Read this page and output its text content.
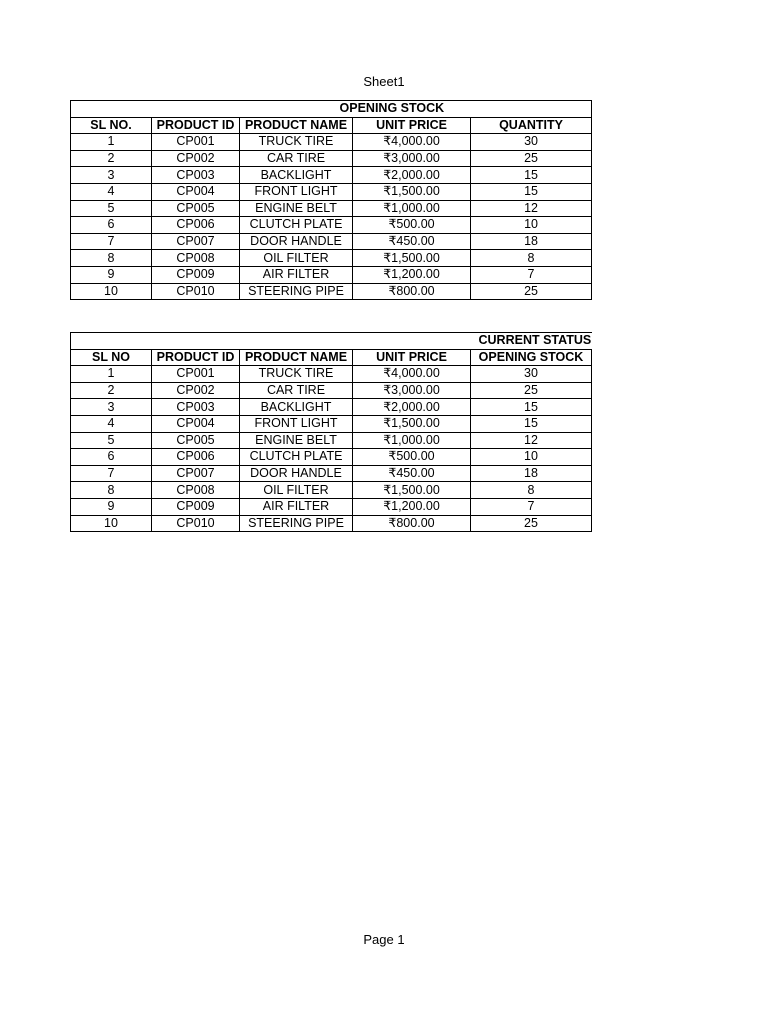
Sheet1
			OPENING STOCK	
SL NO.	PRODUCT ID	PRODUCT NAME	UNIT PRICE	QUANTITY
1	CP001	TRUCK TIRE	₹4,000.00	30
2	CP002	CAR TIRE	₹3,000.00	25
3	CP003	BACKLIGHT	₹2,000.00	15
4	CP004	FRONT LIGHT	₹1,500.00	15
5	CP005	ENGINE BELT	₹1,000.00	12
6	CP006	CLUTCH PLATE	₹500.00	10
7	CP007	DOOR HANDLE	₹450.00	18
8	CP008	OIL FILTER	₹1,500.00	8
9	CP009	AIR FILTER	₹1,200.00	7
10	CP010	STEERING PIPE	₹800.00	25
				CURRENT STATUS
SL NO	PRODUCT ID	PRODUCT NAME	UNIT PRICE	OPENING STOCK
1	CP001	TRUCK TIRE	₹4,000.00	30
2	CP002	CAR TIRE	₹3,000.00	25
3	CP003	BACKLIGHT	₹2,000.00	15
4	CP004	FRONT LIGHT	₹1,500.00	15
5	CP005	ENGINE BELT	₹1,000.00	12
6	CP006	CLUTCH PLATE	₹500.00	10
7	CP007	DOOR HANDLE	₹450.00	18
8	CP008	OIL FILTER	₹1,500.00	8
9	CP009	AIR FILTER	₹1,200.00	7
10	CP010	STEERING PIPE	₹800.00	25
Page 1
